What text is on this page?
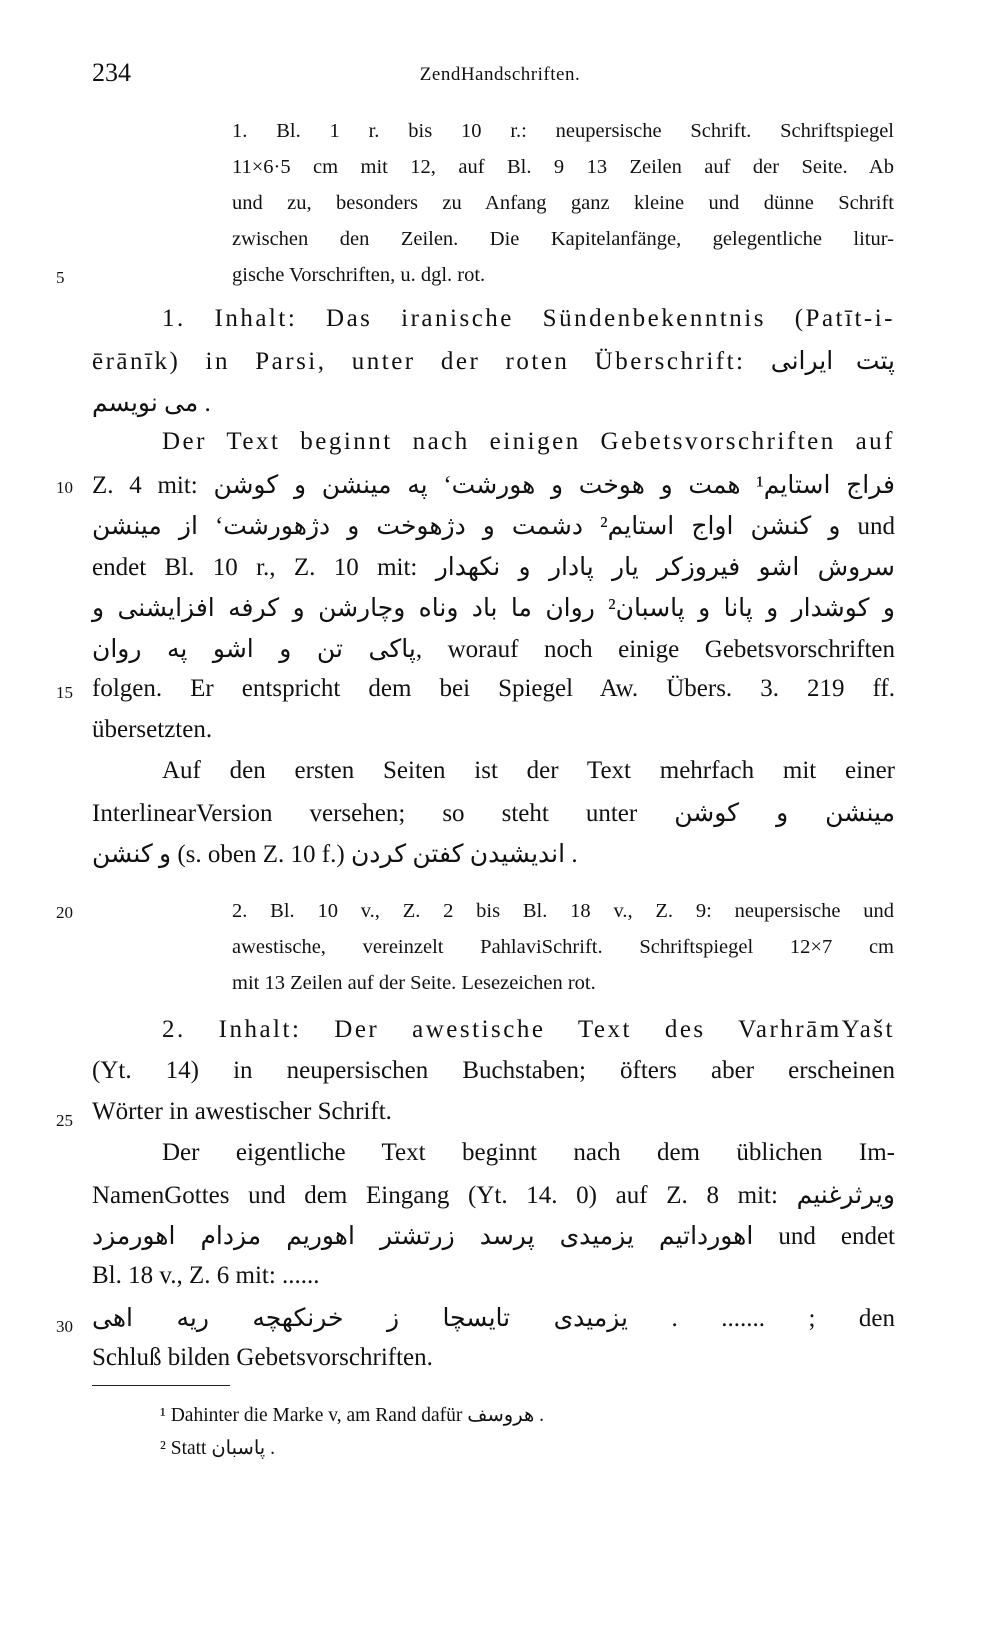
234	ZendHandschriften.
5
10
15
20
25
30
1. Bl. 1 r. bis 10 r.: neupersische Schrift. Schriftspiegel
11×6·5 cm mit 12, auf Bl. 9 13 Zeilen auf der Seite. Ab
und zu, besonders zu Anfang ganz kleine und dünne Schrift
zwischen den Zeilen. Die Kapitelanfänge, gelegentliche litur-
gische Vorschriften, u. dgl. rot.
1. Inhalt: Das iranische Sündenbekenntnis (Patīt-i-
ērānīk) in Parsi, unter der roten Überschrift: پتت ایرانی
می نویسم .
Der Text beginnt nach einigen Gebetsvorschriften auf
Z. 4 mit: فراج استایم¹ همت و هوخت و هورشت‘ په مینشن و کوشن
و کنشن اواج استایم² دشمت و دژهوخت و دژهورشت‘ از مینشن und
endet Bl. 10 r., Z. 10 mit: سروش اشو فیروزکر یار پادار و نکهدار
و کوشدار و پانا و پاسبان² روان ما باد وناه وچارشن و کرفه افزایشنی و
پاکی تن و اشو په روان, worauf noch einige Gebetsvorschriften
folgen. Er entspricht dem bei Spiegel Aw. Übers. 3. 219 ff.
übersetzten.
Auf den ersten Seiten ist der Text mehrfach mit einer
InterlinearVersion versehen; so steht unter مینشن و کوشن
و کنشن (s. oben Z. 10 f.) اندیشیدن کفتن کردن .
2. Bl. 10 v., Z. 2 bis Bl. 18 v., Z. 9: neupersische und
awestische, vereinzelt PahlaviSchrift. Schriftspiegel 12×7 cm
mit 13 Zeilen auf der Seite. Lesezeichen rot.
2. Inhalt: Der awestische Text des VarhrāmYašt
(Yt. 14) in neupersischen Buchstaben; öfters aber erscheinen
Wörter in awestischer Schrift.
Der eigentliche Text beginnt nach dem üblichen Im-
NamenGottes und dem Eingang (Yt. 14. 0) auf Z. 8 mit: ویرثرغنیم
اهورداتیم یزمیدی پرسد زرتشتر اهوریم مزدام اهورمزد und endet
Bl. 18 v., Z. 6 mit: ......
یزمیدی تایسچا ز خرنکهچه ریه اهی . ....... ; den
Schluß bilden Gebetsvorschriften.
¹ Dahinter die Marke v, am Rand dafür هروسف .
² Statt پاسبان .
